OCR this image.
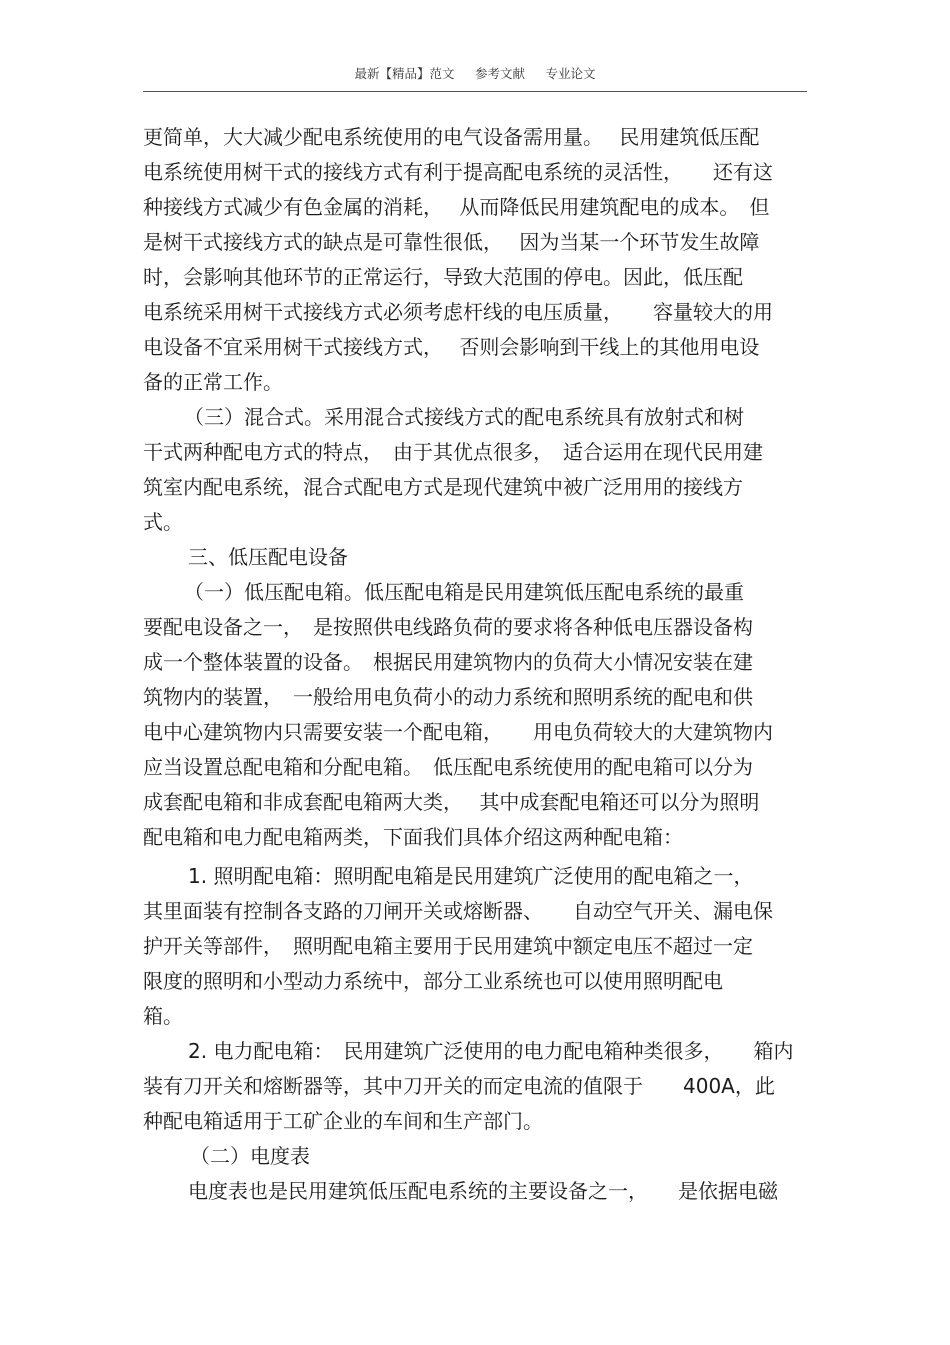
最新【精品】范文　  参考文献　  专业论文
更简单，大大减少配电系统使用的电气设备需用量。　 民用建筑低压配
电系统使用树干式的接线方式有利于提高配电系统的灵活性，　　还有这
种接线方式减少有色金属的消耗，　 从而降低民用建筑配电的成本。　但
是树干式接线方式的缺点是可靠性很低，　 因为当某一个环节发生故障
时，会影响其他环节的正常运行，导致大范围的停电。因此，低压配
电系统采用树干式接线方式必须考虑杆线的电压质量，　　容量较大的用
电设备不宜采用树干式接线方式，　 否则会影响到干线上的其他用电设
备的正常工作。
（三）混合式。采用混合式接线方式的配电系统具有放射式和树
干式两种配电方式的特点，　由于其优点很多，　适合运用在现代民用建
筑室内配电系统，混合式配电方式是现代建筑中被广泛用用的接线方
式。
三、低压配电设备
（一）低压配电箱。低压配电箱是民用建筑低压配电系统的最重
要配电设备之一，　是按照供电线路负荷的要求将各种低电压器设备构
成一个整体装置的设备。　根据民用建筑物内的负荷大小情况安装在建
筑物内的装置，　一般给用电负荷小的动力系统和照明系统的配电和供
电中心建筑物内只需要安装一个配电箱，　　用电负荷较大的大建筑物内
应当设置总配电箱和分配电箱。　低压配电系统使用的配电箱可以分为
成套配电箱和非成套配电箱两大类，　 其中成套配电箱还可以分为照明
配电箱和电力配电箱两类，下面我们具体介绍这两种配电箱：
1. 照明配电箱：照明配电箱是民用建筑广泛使用的配电箱之一，
其里面装有控制各支路的刀闸开关或熔断器、　　自动空气开关、漏电保
护开关等部件，　照明配电箱主要用于民用建筑中额定电压不超过一定
限度的照明和小型动力系统中，部分工业系统也可以使用照明配电
箱。
2. 电力配电箱：　民用建筑广泛使用的电力配电箱种类很多，　　箱内
装有刀开关和熔断器等，其中刀开关的而定电流的值限于　　400A，此
种配电箱适用于工矿企业的车间和生产部门。
（二）电度表
电度表也是民用建筑低压配电系统的主要设备之一，　　是依据电磁
